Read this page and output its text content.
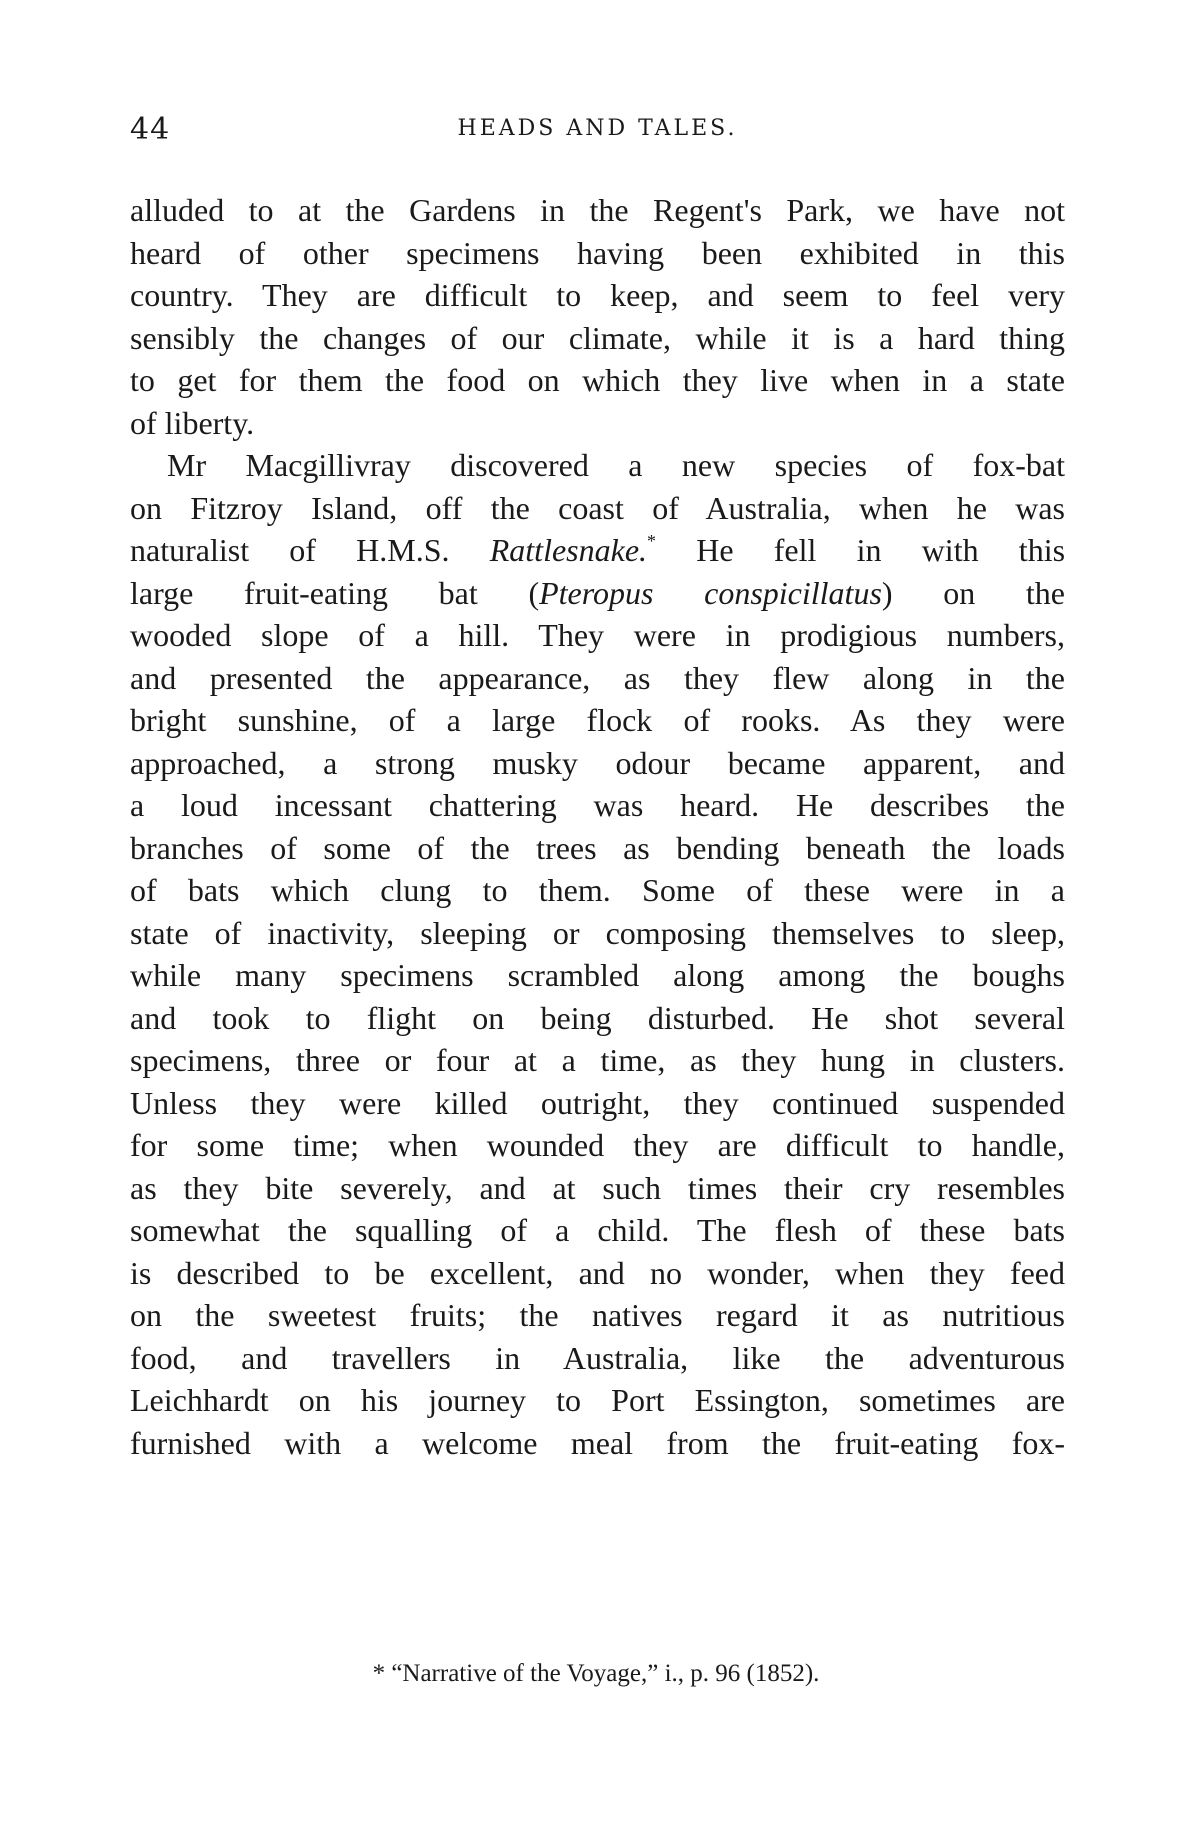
44	HEADS AND TALES.
alluded to at the Gardens in the Regent's Park, we have not
heard of other specimens having been exhibited in this
country. They are difficult to keep, and seem to feel very
sensibly the changes of our climate, while it is a hard thing
to get for them the food on which they live when in a state
of liberty.
Mr Macgillivray discovered a new species of fox-bat
on Fitzroy Island, off the coast of Australia, when he was
naturalist of H.M.S. Rattlesnake.* He fell in with this
large fruit-eating bat (Pteropus conspicillatus) on the
wooded slope of a hill. They were in prodigious numbers,
and presented the appearance, as they flew along in the
bright sunshine, of a large flock of rooks. As they were
approached, a strong musky odour became apparent, and
a loud incessant chattering was heard. He describes the
branches of some of the trees as bending beneath the loads
of bats which clung to them. Some of these were in a
state of inactivity, sleeping or composing themselves to sleep,
while many specimens scrambled along among the boughs
and took to flight on being disturbed. He shot several
specimens, three or four at a time, as they hung in clusters.
Unless they were killed outright, they continued suspended
for some time; when wounded they are difficult to handle,
as they bite severely, and at such times their cry resembles
somewhat the squalling of a child. The flesh of these bats
is described to be excellent, and no wonder, when they feed
on the sweetest fruits; the natives regard it as nutritious
food, and travellers in Australia, like the adventurous
Leichhardt on his journey to Port Essington, sometimes are
furnished with a welcome meal from the fruit-eating fox-
* “Narrative of the Voyage,” i., p. 96 (1852).
